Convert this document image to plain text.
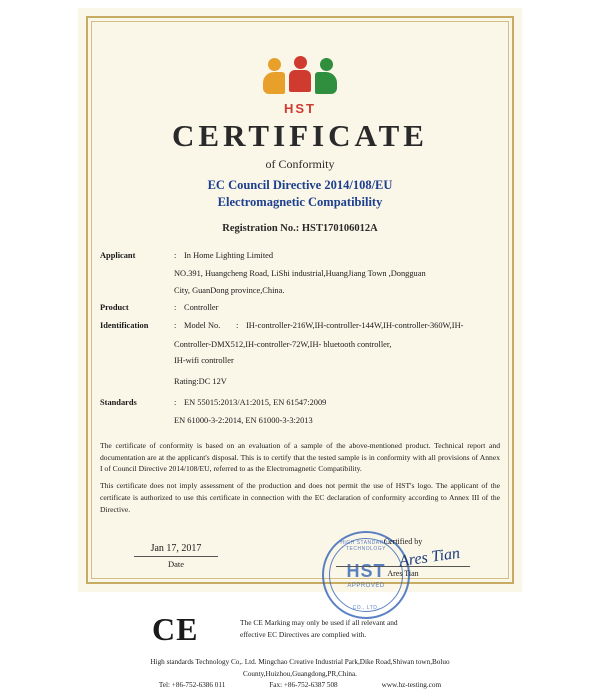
HST
CERTIFICATE
of Conformity
EC Council Directive 2014/108/EU
Electromagnetic Compatibility
Registration No.: HST170106012A
Applicant	: In Home Lighting Limited
NO.391, Huangcheng Road, LiShi industrial,HuangJiang Town ,Dongguan
City, GuanDong province,China.
Product	: Controller
Identification	: Model No.	: IH-controller-216W,IH-controller-144W,IH-controller-360W,IH-
Controller-DMX512,IH-controller-72W,IH- bluetooth controller,
IH-wifi controller
Rating : DC 12V
Standards	: EN 55015:2013/A1:2015, EN 61547:2009
EN 61000-3-2:2014, EN 61000-3-3:2013

The certificate of conformity is based on an evaluation of a sample of the above-mentioned product. Technical report and documentation are at the applicant's disposal. This is to certify that the tested sample is in conformity with all provisions of Annex I of Council Directive 2014/108/EU, referred to as the Electromagnetic Compatibility.

This certificate does not imply assessment of the production and does not permit the use of HST's logo. The applicant of the certificate is authorized to use this certificate in connection with the EC declaration of conformity according to Annex III of the Directive.

Jan 17, 2017
Date
HIGH STANDARDS TECHNOLOGY
HST
APPROVED
CO., LTD.
Certified by
Ares Tian
Ares Tian
CE	The CE Marking may only be used if all relevant and
effective EC Directives are complied with.
High standards Technology Co,. Ltd. Mingchao Creative Industrial Park,Dike Road,Shiwan town,Boluo
County,Huizhou,Guangdong,PR,China.
Tel: +86-752-6386 011	Fax: +86-752-6387 508	www.hz-testing.com
